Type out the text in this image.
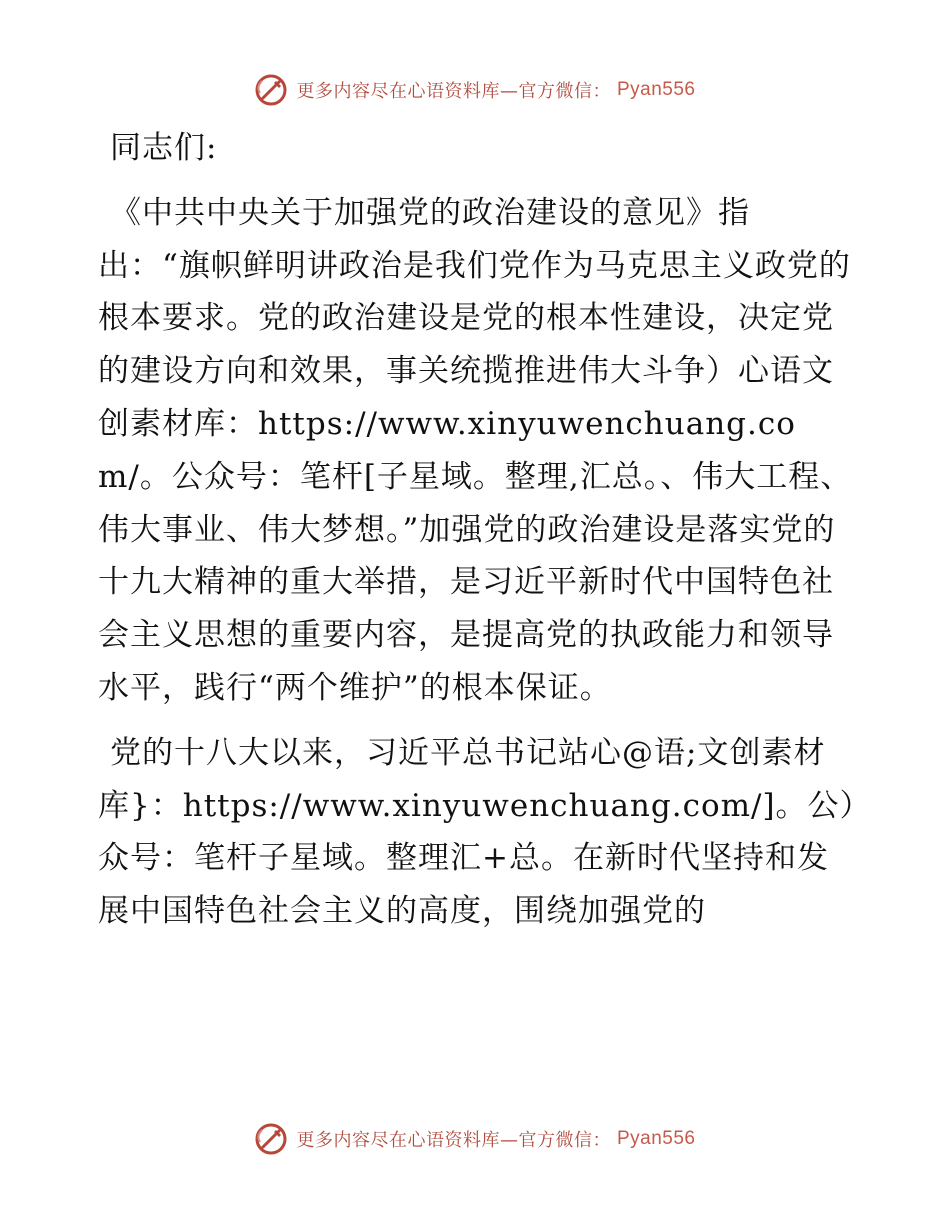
更多内容尽在心语资料库—官方微信： Pyan556

同志们:

《中共中央关于加强党的政治建设的意见》指出：“旗帜鲜明讲政治是我们党作为马克思主义政党的根本要求。党的政治建设是党的根本性建设，决定党的建设方向和效果，事关统揽推进伟大斗争）心语文创素材库：https://www.xinyuwenchuang.com/。公众号：笔杆[子星域。整理,汇总。、伟大工程、伟大事业、伟大梦想。”加强党的政治建设是落实党的十九大精神的重大举措，是习近平新时代中国特色社会主义思想的重要内容，是提高党的执政能力和领导水平，践行“两个维护”的根本保证。

党的十八大以来，习近平总书记站心@语;文创素材库}：https://www.xinyuwenchuang.com/]。公）众号：笔杆子星域。整理汇+总。在新时代坚持和发展中国特色社会主义的高度，围绕加强党的

更多内容尽在心语资料库—官方微信： Pyan556
